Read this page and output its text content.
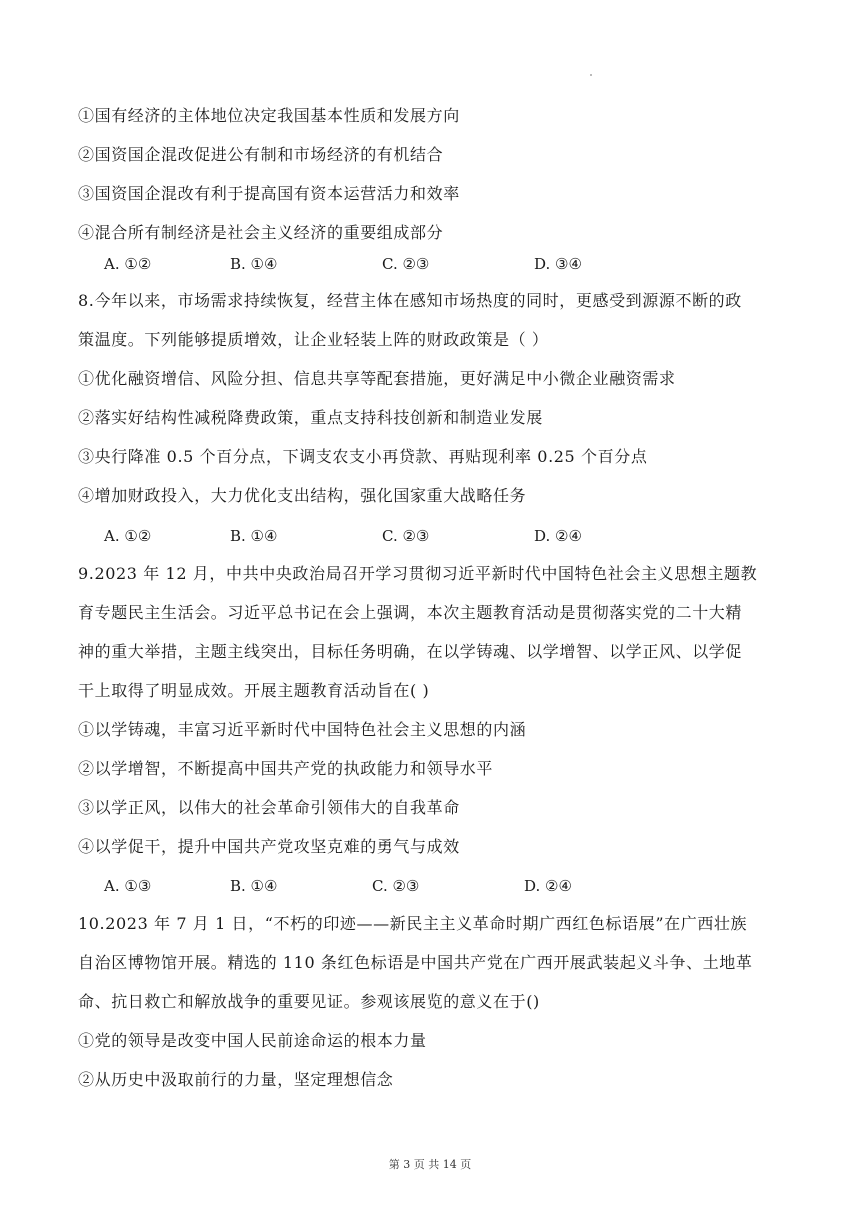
①国有经济的主体地位决定我国基本性质和发展方向
②国资国企混改促进公有制和市场经济的有机结合
③国资国企混改有利于提高国有资本运营活力和效率
④混合所有制经济是社会主义经济的重要组成部分
A. ①②	B. ①④	C. ②③	D. ③④
8.今年以来，市场需求持续恢复，经营主体在感知市场热度的同时，更感受到源源不断的政
策温度。下列能够提质增效，让企业轻装上阵的财政政策是（ ）
①优化融资增信、风险分担、信息共享等配套措施，更好满足中小微企业融资需求
②落实好结构性减税降费政策，重点支持科技创新和制造业发展
③央行降准 0.5 个百分点，下调支农支小再贷款、再贴现利率 0.25 个百分点
④增加财政投入，大力优化支出结构，强化国家重大战略任务
A. ①②	B. ①④	C. ②③	D. ②④
9.2023 年 12 月，中共中央政治局召开学习贯彻习近平新时代中国特色社会主义思想主题教
育专题民主生活会。习近平总书记在会上强调，本次主题教育活动是贯彻落实党的二十大精
神的重大举措，主题主线突出，目标任务明确，在以学铸魂、以学增智、以学正风、以学促
干上取得了明显成效。开展主题教育活动旨在( )
①以学铸魂，丰富习近平新时代中国特色社会主义思想的内涵
②以学增智，不断提高中国共产党的执政能力和领导水平
③以学正风，以伟大的社会革命引领伟大的自我革命
④以学促干，提升中国共产党攻坚克难的勇气与成效
A. ①③	B. ①④	C. ②③	D. ②④
10.2023 年 7 月 1 日，“不朽的印迹——新民主主义革命时期广西红色标语展”在广西壮族
自治区博物馆开展。精选的 110 条红色标语是中国共产党在广西开展武装起义斗争、土地革
命、抗日救亡和解放战争的重要见证。参观该展览的意义在于()
①党的领导是改变中国人民前途命运的根本力量
②从历史中汲取前行的力量，坚定理想信念
第 3 页 共 14 页
